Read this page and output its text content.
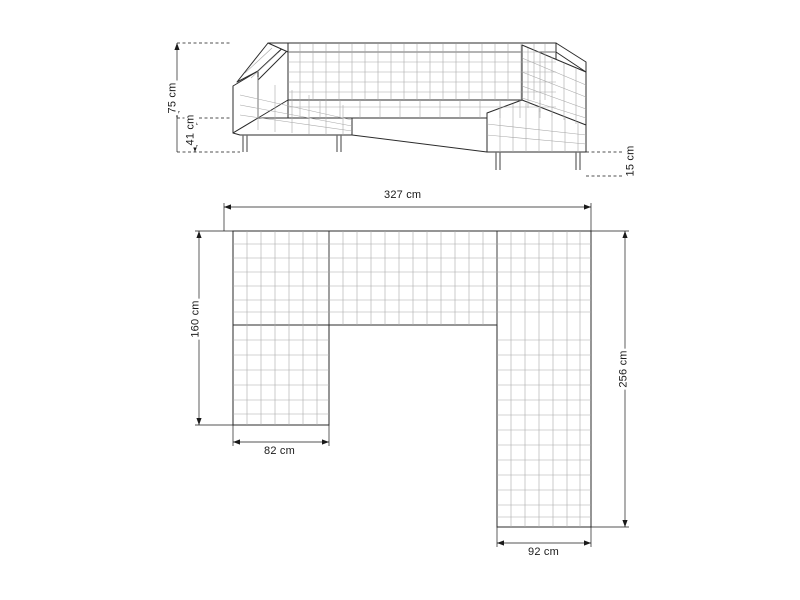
75 cm
41 cm
15 cm
327 cm
160 cm
256 cm
82 cm
92 cm
